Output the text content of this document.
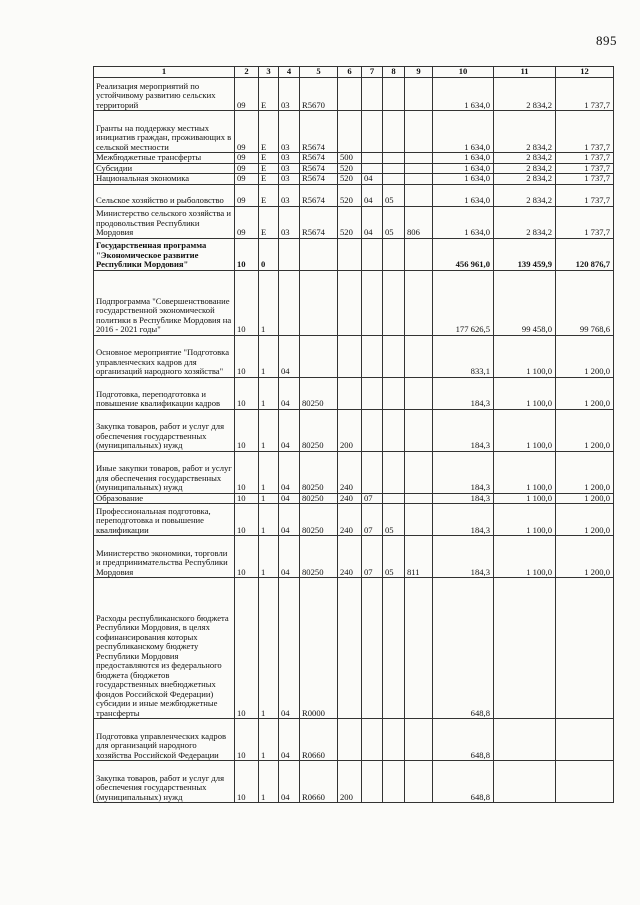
895
1	2	3	4	5	6	7	8	9	10	11	12
Реализация мероприятий по устойчивому развитию сельских территорий	09	Е	03	R5670					1 634,0	2 834,2	1 737,7
Гранты на поддержку местных инициатив граждан, проживающих в сельской местности	09	Е	03	R5674					1 634,0	2 834,2	1 737,7
Межбюджетные трансферты	09	Е	03	R5674	500				1 634,0	2 834,2	1 737,7
Субсидии	09	Е	03	R5674	520				1 634,0	2 834,2	1 737,7
Национальная экономика	09	Е	03	R5674	520	04			1 634,0	2 834,2	1 737,7
Сельское хозяйство и рыболовство	09	Е	03	R5674	520	04	05		1 634,0	2 834,2	1 737,7
Министерство сельского хозяйства и продовольствия Республики Мордовия	09	Е	03	R5674	520	04	05	806	1 634,0	2 834,2	1 737,7
Государственная программа "Экономическое развитие Республики Мордовия"	10	0							456 961,0	139 459,9	120 876,7
Подпрограмма "Совершенствование государственной экономической политики в Республике Мордовия на 2016 - 2021 годы"	10	1							177 626,5	99 458,0	99 768,6
Основное мероприятие "Подготовка управленческих кадров для организаций народного хозяйства"	10	1	04						833,1	1 100,0	1 200,0
Подготовка, переподготовка и повышение квалификации кадров	10	1	04	80250					184,3	1 100,0	1 200,0
Закупка товаров, работ и услуг для обеспечения государственных (муниципальных) нужд	10	1	04	80250	200				184,3	1 100,0	1 200,0
Иные закупки товаров, работ и услуг для обеспечения государственных (муниципальных) нужд	10	1	04	80250	240				184,3	1 100,0	1 200,0
Образование	10	1	04	80250	240	07			184,3	1 100,0	1 200,0
Профессиональная подготовка, переподготовка и повышение квалификации	10	1	04	80250	240	07	05		184,3	1 100,0	1 200,0
Министерство экономики, торговли и предпринимательства Республики Мордовия	10	1	04	80250	240	07	05	811	184,3	1 100,0	1 200,0
Расходы республиканского бюджета Республики Мордовия, в целях софинансирования которых республиканскому бюджету Республики Мордовия предоставляются из федерального бюджета (бюджетов государственных внебюджетных фондов Российской Федерации) субсидии и иные межбюджетные трансферты	10	1	04	R0000					648,8		
Подготовка управленческих кадров для организаций народного хозяйства Российской Федерации	10	1	04	R0660					648,8		
Закупка товаров, работ и услуг для обеспечения государственных (муниципальных) нужд	10	1	04	R0660	200				648,8		
